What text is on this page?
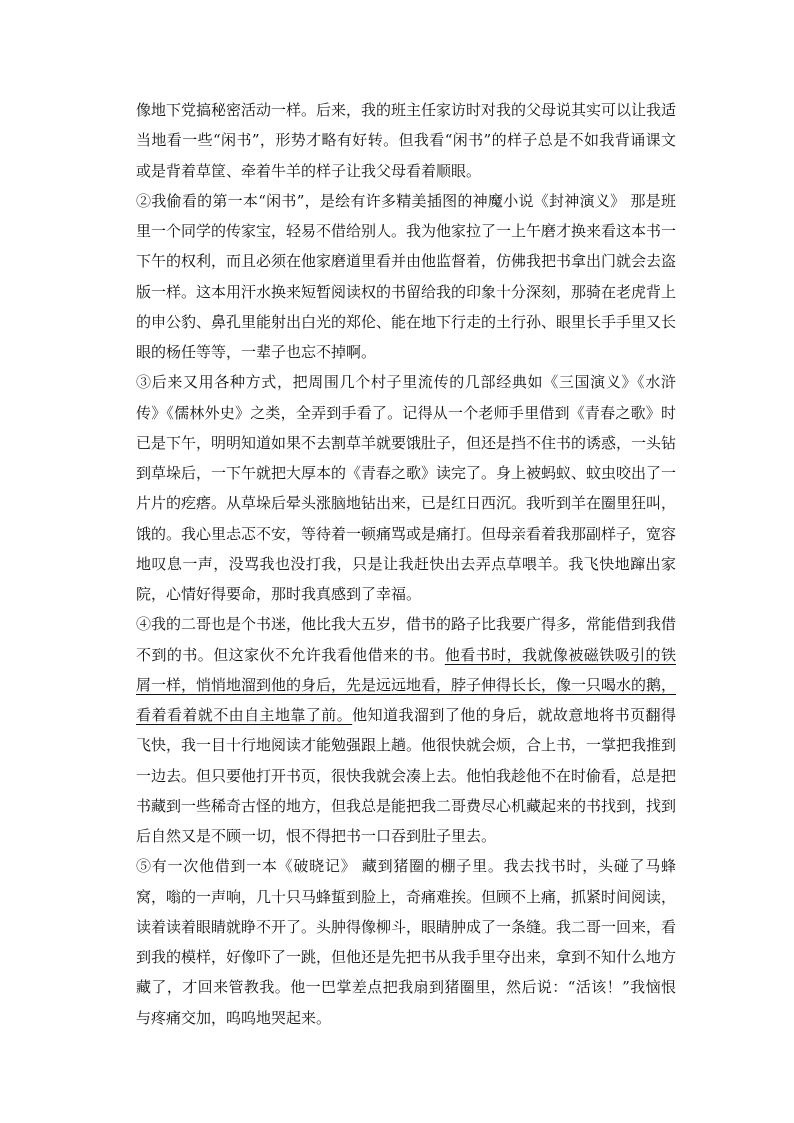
像地下党搞秘密活动一样。后来，我的班主任家访时对我的父母说其实可以让我适当地看一些“闲书”，形势才略有好转。但我看“闲书”的样子总是不如我背诵课文或是背着草筐、牵着牛羊的样子让我父母看着顺眼。

②我偷看的第一本“闲书”，是绘有许多精美插图的神魔小说《封神演义》 那是班里一个同学的传家宝，轻易不借给别人。我为他家拉了一上午磨才换来看这本书一下午的权利，而且必须在他家磨道里看并由他监督着，仿佛我把书拿出门就会去盗版一样。这本用汗水换来短暂阅读权的书留给我的印象十分深刻，那骑在老虎背上的申公豹、鼻孔里能射出白光的郑伦、能在地下行走的土行孙、眼里长手手里又长眼的杨任等等，一辈子也忘不掉啊。

③后来又用各种方式，把周围几个村子里流传的几部经典如《三国演义》《水浒传》《儒林外史》之类，全弄到手看了。记得从一个老师手里借到《青春之歌》时已是下午，明明知道如果不去割草羊就要饿肚子，但还是挡不住书的诱惑，一头钻到草垛后，一下午就把大厚本的《青春之歌》读完了。身上被蚂蚁、蚊虫咬出了一片片的疙瘩。从草垛后晕头涨脑地钻出来，已是红日西沉。我听到羊在圈里狂叫，饿的。我心里忐忑不安，等待着一顿痛骂或是痛打。但母亲看着我那副样子，宽容地叹息一声，没骂我也没打我，只是让我赶快出去弄点草喂羊。我飞快地蹿出家院，心情好得要命，那时我真感到了幸福。

④我的二哥也是个书迷，他比我大五岁，借书的路子比我要广得多，常能借到我借不到的书。但这家伙不允许我看他借来的书。他看书时，我就像被磁铁吸引的铁屑一样，悄悄地溜到他的身后，先是远远地看，脖子伸得长长，像一只喝水的鹅，看着看着就不由自主地靠了前。他知道我溜到了他的身后，就故意地将书页翻得飞快，我一目十行地阅读才能勉强跟上趟。他很快就会烦，合上书，一掌把我推到一边去。但只要他打开书页，很快我就会凑上去。他怕我趁他不在时偷看，总是把书藏到一些稀奇古怪的地方，但我总是能把我二哥费尽心机藏起来的书找到，找到后自然又是不顾一切，恨不得把书一口吞到肚子里去。

⑤有一次他借到一本《破晓记》 藏到猪圈的棚子里。我去找书时，头碰了马蜂窝，嗡的一声响，几十只马蜂蜇到脸上，奇痛难挨。但顾不上痛，抓紧时间阅读，读着读着眼睛就睁不开了。头肿得像柳斗，眼睛肿成了一条缝。我二哥一回来，看到我的模样，好像吓了一跳，但他还是先把书从我手里夺出来，拿到不知什么地方藏了，才回来管教我。他一巴掌差点把我扇到猪圈里，然后说：“活该！”我恼恨与疼痛交加，呜呜地哭起来。
